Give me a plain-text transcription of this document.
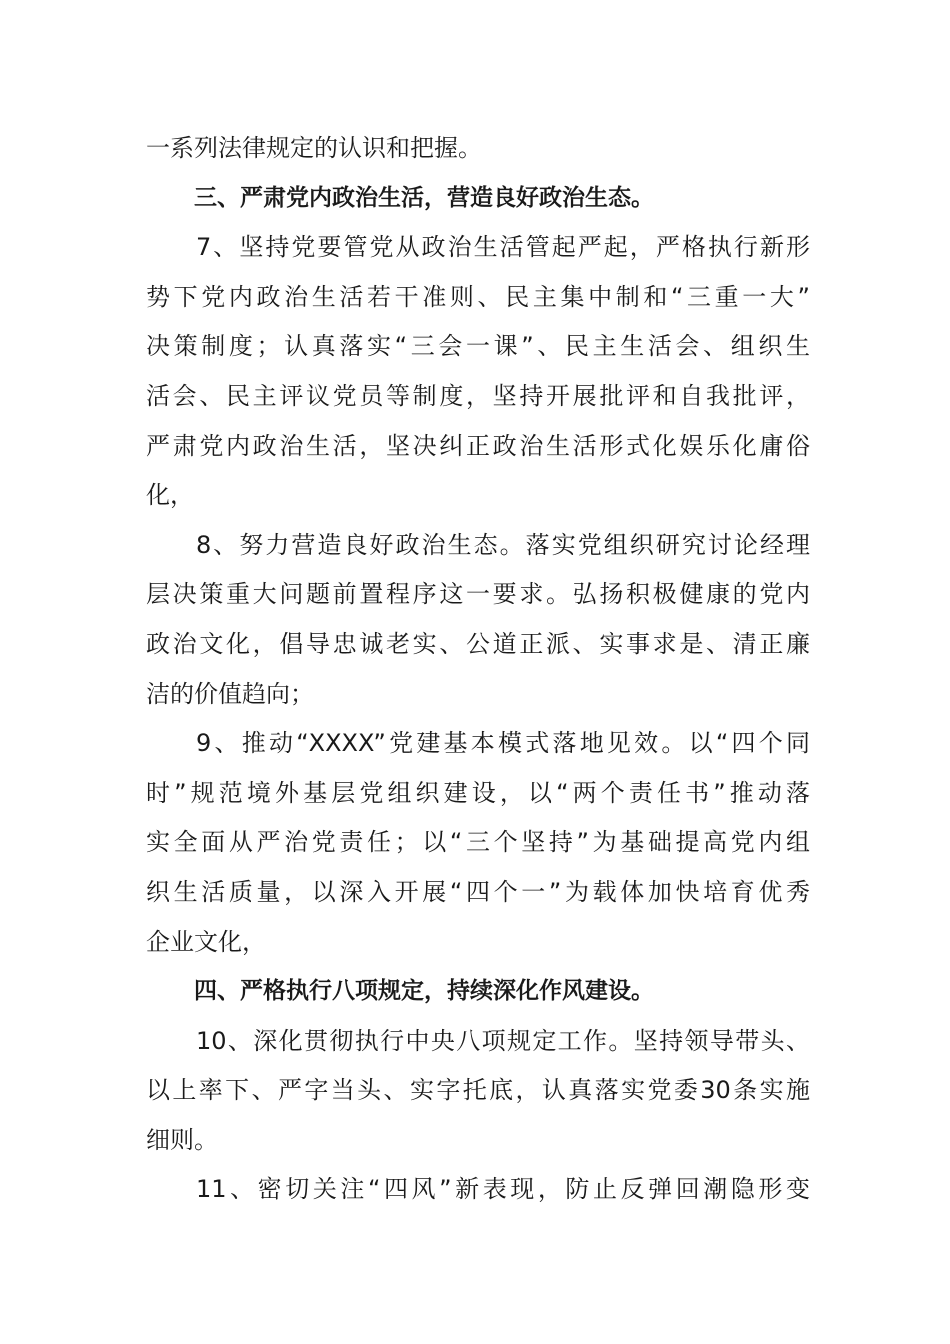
一系列法律规定的认识和把握。
三、严肃党内政治生活，营造良好政治生态。
7、坚持党要管党从政治生活管起严起，严格执行新形
势下党内政治生活若干准则、民主集中制和“三重一大”
决策制度；认真落实“三会一课”、民主生活会、组织生
活会、民主评议党员等制度，坚持开展批评和自我批评，
严肃党内政治生活，坚决纠正政治生活形式化娱乐化庸俗
化，
8、努力营造良好政治生态。落实党组织研究讨论经理
层决策重大问题前置程序这一要求。弘扬积极健康的党内
政治文化，倡导忠诚老实、公道正派、实事求是、清正廉
洁的价值趋向；
9、推动“XXXX”党建基本模式落地见效。以“四个同
时”规范境外基层党组织建设，以“两个责任书”推动落
实全面从严治党责任；以“三个坚持”为基础提高党内组
织生活质量，以深入开展“四个一”为载体加快培育优秀
企业文化，
四、严格执行八项规定，持续深化作风建设。
10、深化贯彻执行中央八项规定工作。坚持领导带头、
以上率下、严字当头、实字托底，认真落实党委30条实施
细则。
11、密切关注“四风”新表现，防止反弹回潮隐形变
